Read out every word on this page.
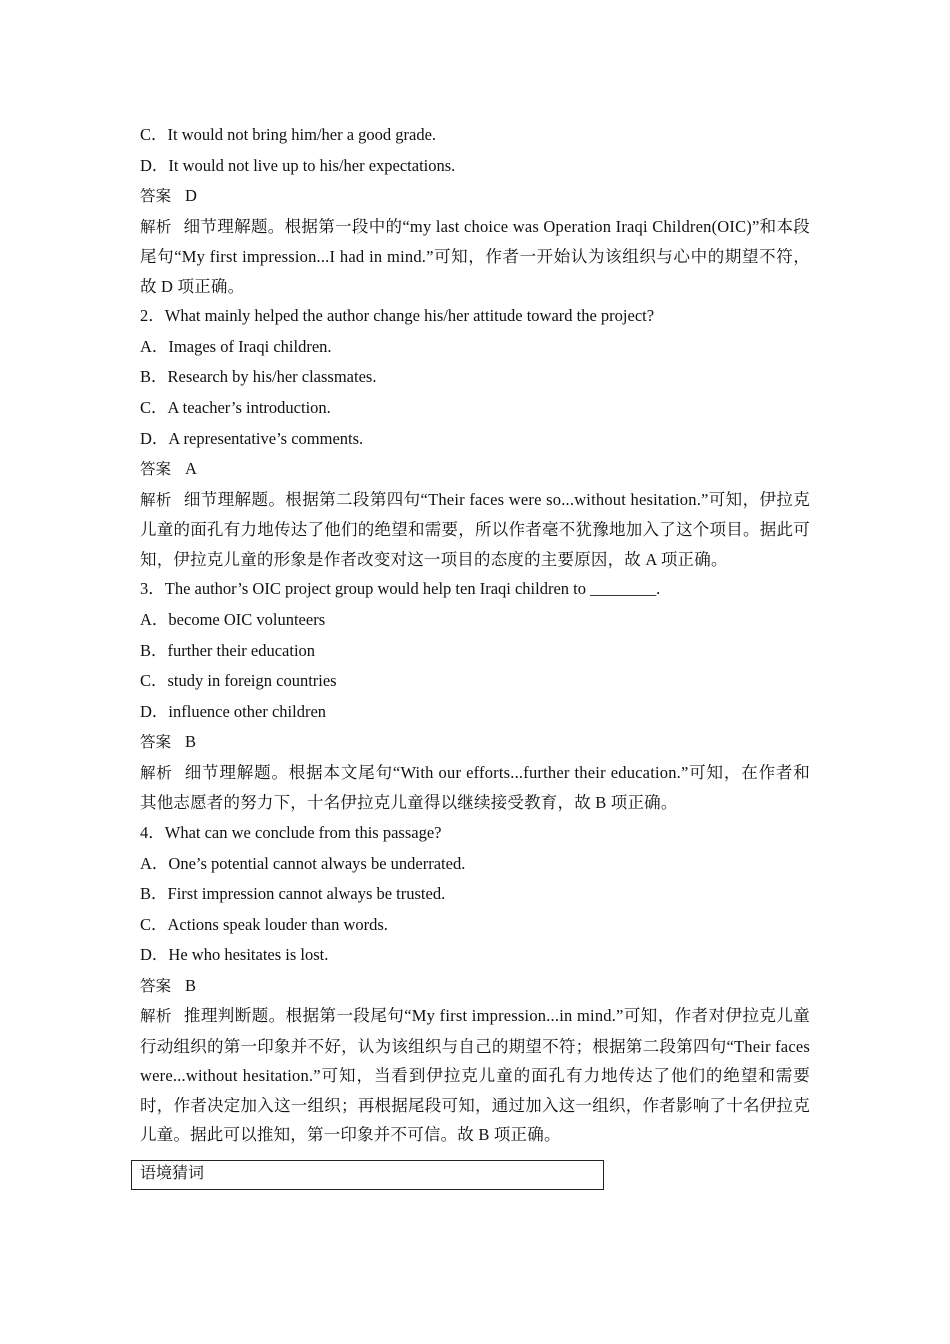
C．It would not bring him/her a good grade.
D．It would not live up to his/her expectations.
答案 D
解析 细节理解题。根据第一段中的“my last choice was Operation Iraqi Children(OIC)”和本段尾句“My first impression...I had in mind.”可知，作者一开始认为该组织与心中的期望不符，故 D 项正确。
2．What mainly helped the author change his/her attitude toward the project?
A．Images of Iraqi children.
B．Research by his/her classmates.
C．A teacher’s introduction.
D．A representative’s comments.
答案 A
解析 细节理解题。根据第二段第四句“Their faces were so...without hesitation.”可知，伊拉克儿童的面孔有力地传达了他们的绝望和需要，所以作者毫不犹豫地加入了这个项目。据此可知，伊拉克儿童的形象是作者改变对这一项目的态度的主要原因，故 A 项正确。
3．The author’s OIC project group would help ten Iraqi children to ________.
A．become OIC volunteers
B．further their education
C．study in foreign countries
D．influence other children
答案 B
解析 细节理解题。根据本文尾句“With our efforts...further their education.”可知，在作者和其他志愿者的努力下，十名伊拉克儿童得以继续接受教育，故 B 项正确。
4．What can we conclude from this passage?
A．One’s potential cannot always be underrated.
B．First impression cannot always be trusted.
C．Actions speak louder than words.
D．He who hesitates is lost.
答案 B
解析 推理判断题。根据第一段尾句“My first impression...in mind.”可知，作者对伊拉克儿童行动组织的第一印象并不好，认为该组织与自己的期望不符；根据第二段第四句“Their faces were...without hesitation.”可知，当看到伊拉克儿童的面孔有力地传达了他们的绝望和需要时，作者决定加入这一组织；再根据尾段可知，通过加入这一组织，作者影响了十名伊拉克儿童。据此可以推知，第一印象并不可信。故 B 项正确。
语境猜词
